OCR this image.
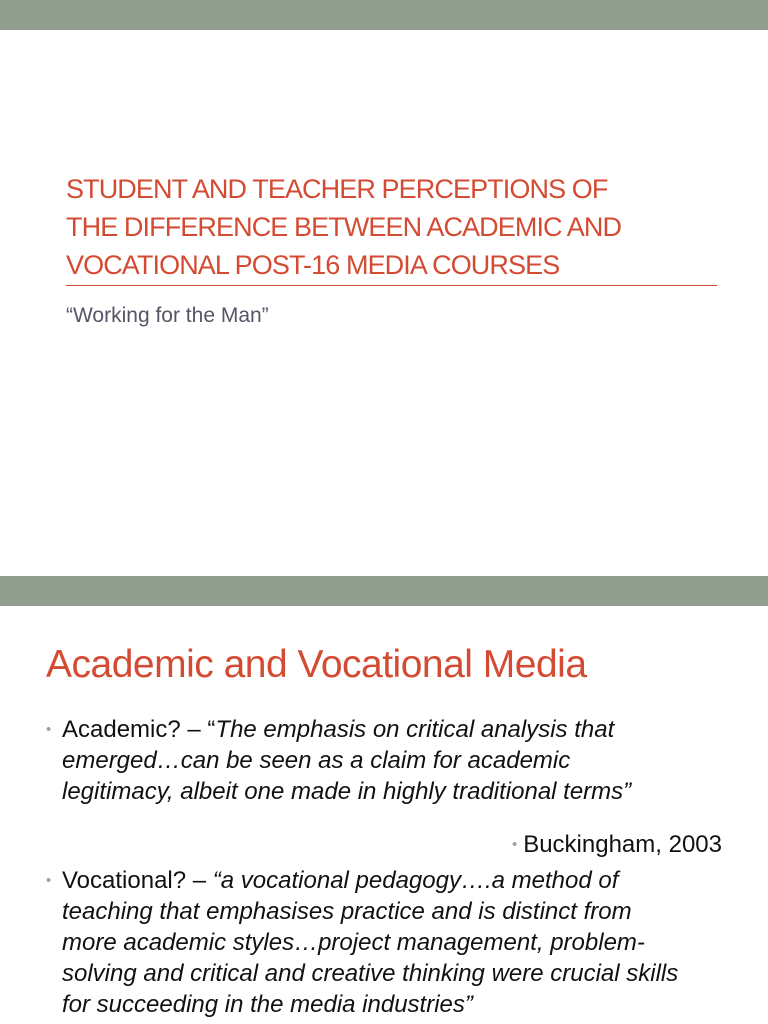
STUDENT AND TEACHER PERCEPTIONS OF
THE DIFFERENCE BETWEEN ACADEMIC AND
VOCATIONAL POST-16 MEDIA COURSES

“Working for the Man”

Academic and Vocational Media
• Academic? – “The emphasis on critical analysis that
emerged…can be seen as a claim for academic
legitimacy, albeit one made in highly traditional terms”
• Buckingham, 2003
• Vocational? – “a vocational pedagogy….a method of
teaching that emphasises practice and is distinct from
more academic styles…project management, problem-
solving and critical and creative thinking were crucial skills
for succeeding in the media industries”
